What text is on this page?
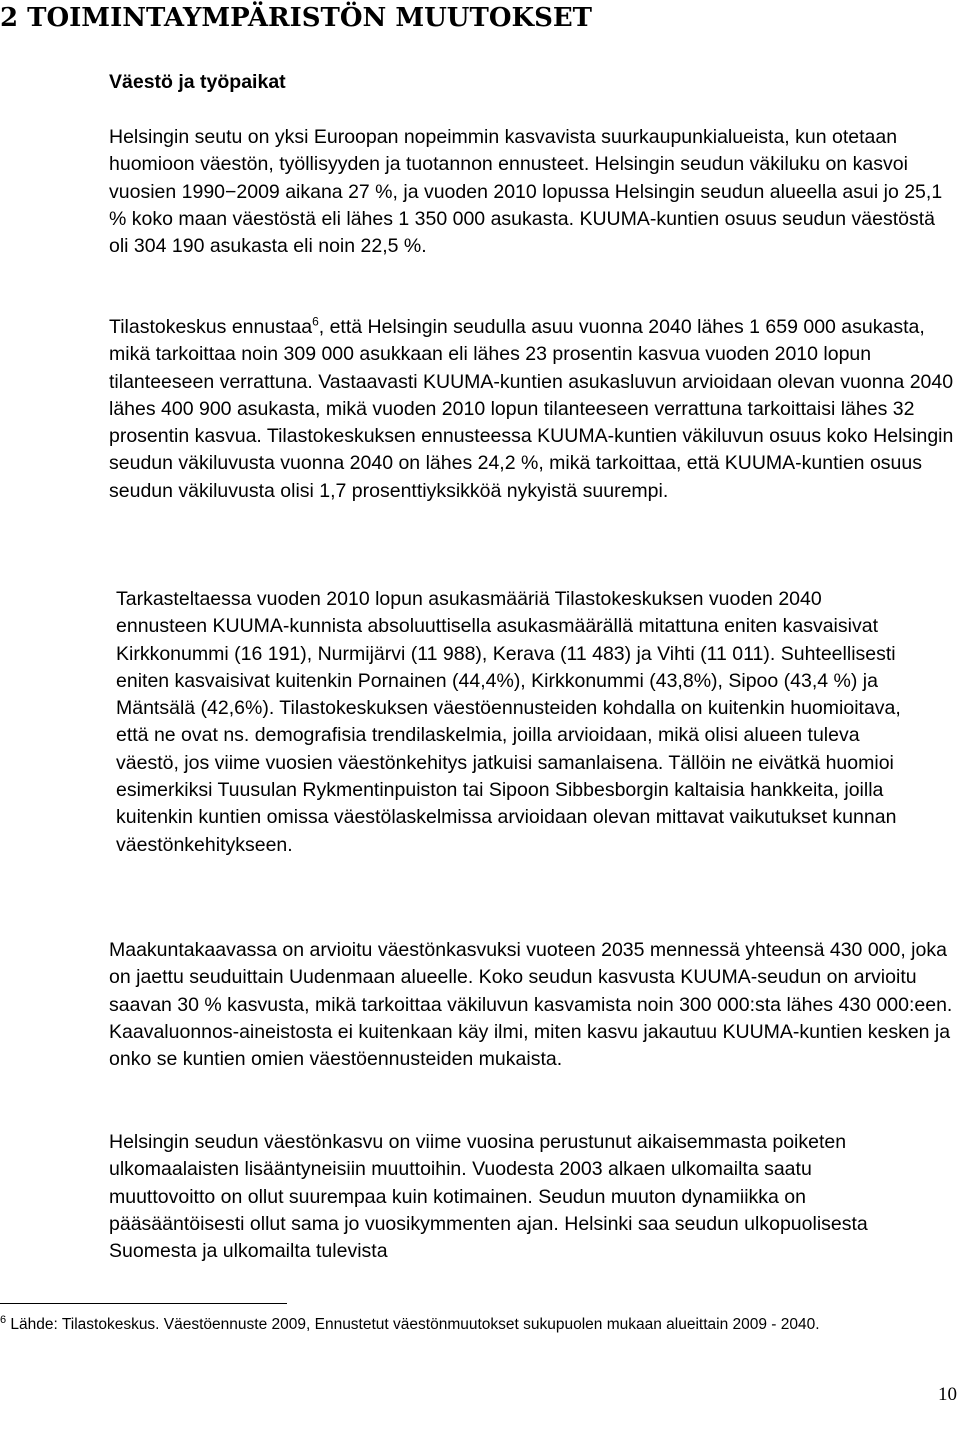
2 TOIMINTAYMPÄRISTÖN MUUTOKSET
Väestö ja työpaikat

Helsingin seutu on yksi Euroopan nopeimmin kasvavista suurkaupunkialueista, kun otetaan huomioon väestön, työllisyyden ja tuotannon ennusteet. Helsingin seudun väkiluku on kasvoi vuosien 1990−2009 aikana 27 %, ja vuoden 2010 lopussa Helsingin seudun alueella asui jo 25,1 % koko maan väestöstä eli lähes 1 350 000 asukasta. KUUMA-kuntien osuus seudun väestöstä oli 304 190 asukasta eli noin 22,5 %.

Tilastokeskus ennustaa$^6$, että Helsingin seudulla asuu vuonna 2040 lähes 1 659 000 asukasta, mikä tarkoittaa noin 309 000 asukkaan eli lähes 23 prosentin kasvua vuoden 2010 lopun tilanteeseen verrattuna. Vastaavasti KUUMA-kuntien asukasluvun arvioidaan olevan vuonna 2040 lähes 400 900 asukasta, mikä vuoden 2010 lopun tilanteeseen verrattuna tarkoittaisi lähes 32 prosentin kasvua. Tilastokeskuksen ennusteessa KUUMA-kuntien väkiluvun osuus koko Helsingin seudun väkiluvusta vuonna 2040 on lähes 24,2 %, mikä tarkoittaa, että KUUMA-kuntien osuus seudun väkiluvusta olisi 1,7 prosenttiyksikköä nykyistä suurempi.

Tarkasteltaessa vuoden 2010 lopun asukasmääriä Tilastokeskuksen vuoden 2040 ennusteen KUUMA-kunnista absoluuttisella asukasmäärällä mitattuna eniten kasvaisivat Kirkkonummi (16 191), Nurmijärvi (11 988), Kerava (11 483) ja Vihti (11 011). Suhteellisesti eniten kasvaisivat kuitenkin Pornainen (44,4%), Kirkkonummi (43,8%), Sipoo (43,4 %) ja Mäntsälä (42,6%). Tilastokeskuksen väestöennusteiden kohdalla on kuitenkin huomioitava, että ne ovat ns. demografisia trendilaskelmia, joilla arvioidaan, mikä olisi alueen tuleva väestö, jos viime vuosien väestönkehitys jatkuisi samanlaisena. Tällöin ne eivätkä huomioi esimerkiksi Tuusulan Rykmentinpuiston tai Sipoon Sibbesborgin kaltaisia hankkeita, joilla kuitenkin kuntien omissa väestölaskelmissa arvioidaan olevan mittavat vaikutukset kunnan väestönkehitykseen.

Maakuntakaavassa on arvioitu väestönkasvuksi vuoteen 2035 mennessä yhteensä 430 000, joka on jaettu seuduittain Uudenmaan alueelle. Koko seudun kasvusta KUUMA-seudun on arvioitu saavan 30 % kasvusta, mikä tarkoittaa väkiluvun kasvamista noin 300 000:sta lähes 430 000:een. Kaavaluonnos-aineistosta ei kuitenkaan käy ilmi, miten kasvu jakautuu KUUMA-kuntien kesken ja onko se kuntien omien väestöennusteiden mukaista.

Helsingin seudun väestönkasvu on viime vuosina perustunut aikaisemmasta poiketen ulkomaalaisten lisääntyneisiin muuttoihin. Vuodesta 2003 alkaen ulkomailta saatu muuttovoitto on ollut suurempaa kuin kotimainen. Seudun muuton dynamiikka on pääsääntöisesti ollut sama jo vuosikymmenten ajan. Helsinki saa seudun ulkopuolisesta Suomesta ja ulkomailta tulevista

$^6$ Lähde: Tilastokeskus. Väestöennuste 2009, Ennustetut väestönmuutokset sukupuolen mukaan alueittain 2009 - 2040.

10
